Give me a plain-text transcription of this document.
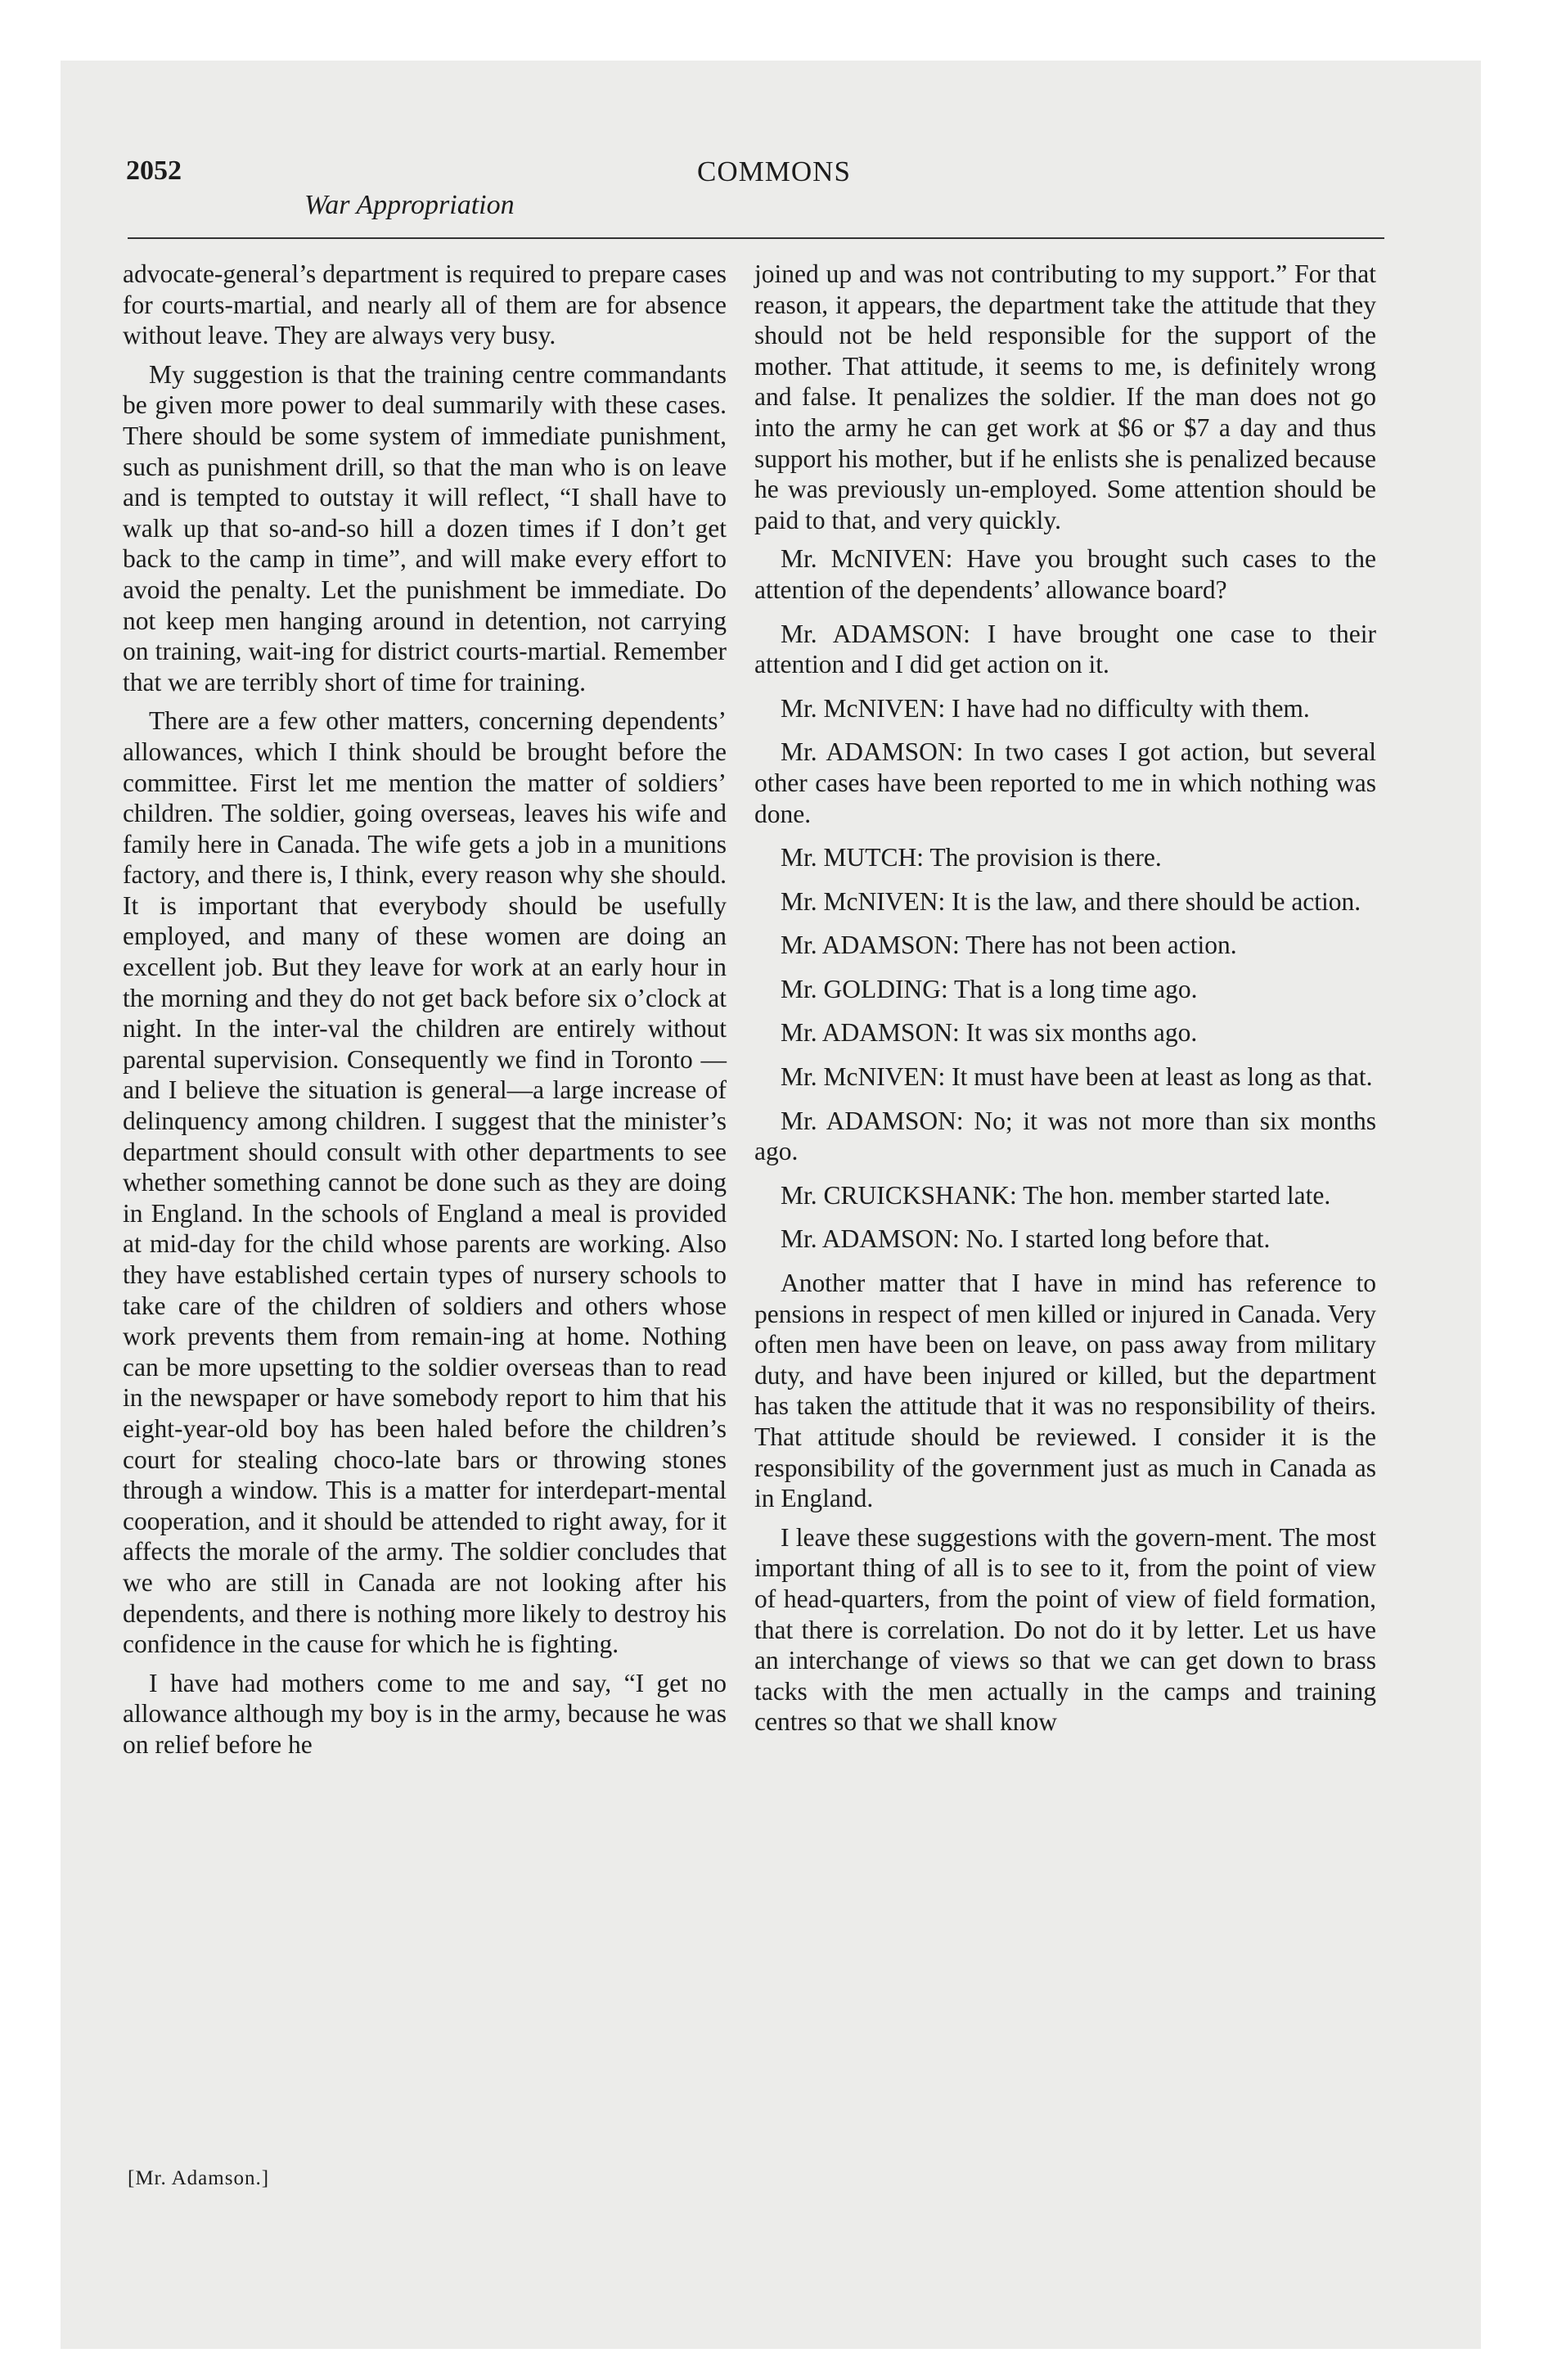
2052	COMMONS
War Appropriation

advocate-general’s department is required to prepare cases for courts-martial, and nearly all of them are for absence without leave. They are always very busy.

My suggestion is that the training centre commandants be given more power to deal summarily with these cases. There should be some system of immediate punishment, such as punishment drill, so that the man who is on leave and is tempted to outstay it will reflect, “I shall have to walk up that so-and-so hill a dozen times if I don’t get back to the camp in time”, and will make every effort to avoid the penalty. Let the punishment be immediate. Do not keep men hanging around in detention, not carrying on training, wait-ing for district courts-martial. Remember that we are terribly short of time for training.

There are a few other matters, concerning dependents’ allowances, which I think should be brought before the committee. First let me mention the matter of soldiers’ children. The soldier, going overseas, leaves his wife and family here in Canada. The wife gets a job in a munitions factory, and there is, I think, every reason why she should. It is important that everybody should be usefully employed, and many of these women are doing an excellent job. But they leave for work at an early hour in the morning and they do not get back before six o’clock at night. In the inter-val the children are entirely without parental supervision. Consequently we find in Toronto —and I believe the situation is general—a large increase of delinquency among children. I suggest that the minister’s department should consult with other departments to see whether something cannot be done such as they are doing in England. In the schools of England a meal is provided at mid-day for the child whose parents are working. Also they have established certain types of nursery schools to take care of the children of soldiers and others whose work prevents them from remain-ing at home. Nothing can be more upsetting to the soldier overseas than to read in the newspaper or have somebody report to him that his eight-year-old boy has been haled before the children’s court for stealing choco-late bars or throwing stones through a window. This is a matter for interdepart-mental cooperation, and it should be attended to right away, for it affects the morale of the army. The soldier concludes that we who are still in Canada are not looking after his dependents, and there is nothing more likely to destroy his confidence in the cause for which he is fighting.

I have had mothers come to me and say, “I get no allowance although my boy is in the army, because he was on relief before he

[Mr. Adamson.]

joined up and was not contributing to my support.” For that reason, it appears, the department take the attitude that they should not be held responsible for the support of the mother. That attitude, it seems to me, is definitely wrong and false. It penalizes the soldier. If the man does not go into the army he can get work at $6 or $7 a day and thus support his mother, but if he enlists she is penalized because he was previously un-employed. Some attention should be paid to that, and very quickly.

Mr. McNIVEN: Have you brought such cases to the attention of the dependents’ allowance board?

Mr. ADAMSON: I have brought one case to their attention and I did get action on it.

Mr. McNIVEN: I have had no difficulty with them.

Mr. ADAMSON: In two cases I got action, but several other cases have been reported to me in which nothing was done.

Mr. MUTCH: The provision is there.

Mr. McNIVEN: It is the law, and there should be action.

Mr. ADAMSON: There has not been action.

Mr. GOLDING: That is a long time ago.

Mr. ADAMSON: It was six months ago.

Mr. McNIVEN: It must have been at least as long as that.

Mr. ADAMSON: No; it was not more than six months ago.

Mr. CRUICKSHANK: The hon. member started late.

Mr. ADAMSON: No. I started long before that.

Another matter that I have in mind has reference to pensions in respect of men killed or injured in Canada. Very often men have been on leave, on pass away from military duty, and have been injured or killed, but the department has taken the attitude that it was no responsibility of theirs. That attitude should be reviewed. I consider it is the responsibility of the government just as much in Canada as in England.

I leave these suggestions with the govern-ment. The most important thing of all is to see to it, from the point of view of head-quarters, from the point of view of field formation, that there is correlation. Do not do it by letter. Let us have an interchange of views so that we can get down to brass tacks with the men actually in the camps and training centres so that we shall know
